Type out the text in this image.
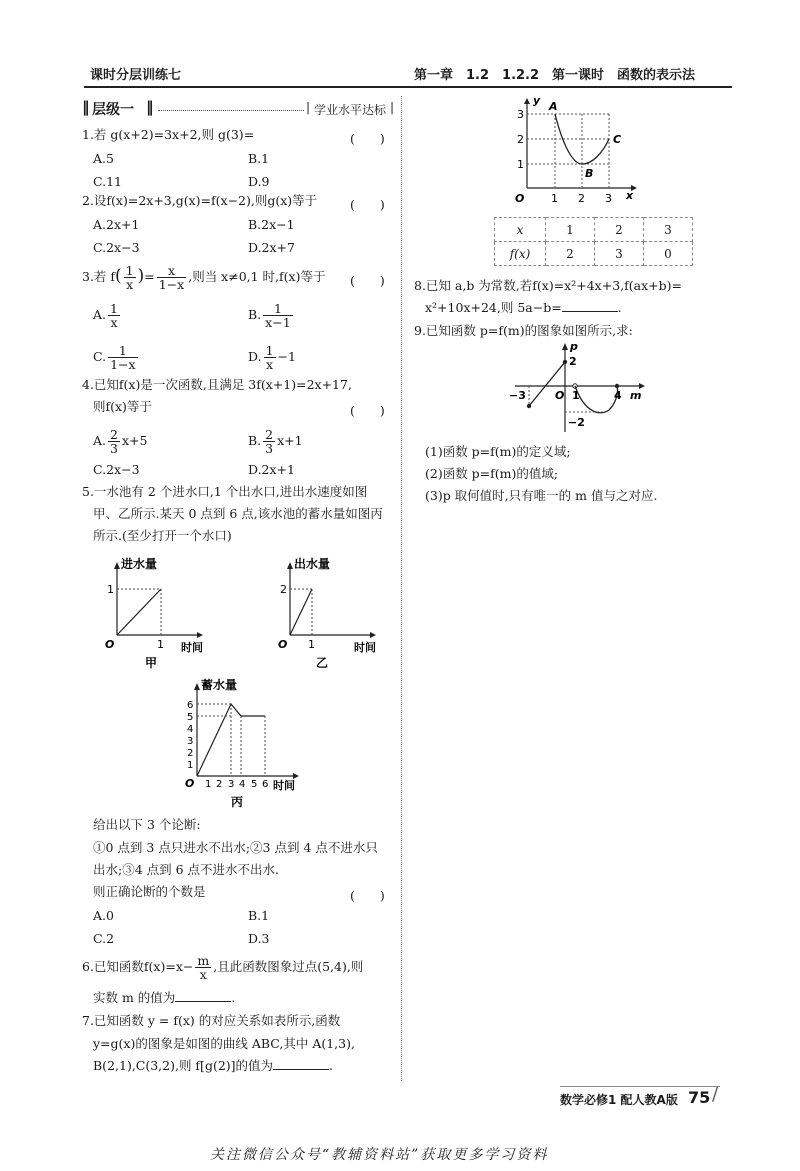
课时分层训练七	第一章　1.2　1.2.2　第一课时　函数的表示法
‖ 层级一 ‖	| 学业水平达标 |
1.若 g(x+2)=3x+2,则 g(3)=	(　　)
A.5	B.1
C.11	D.9
2.设f(x)=2x+3,g(x)=f(x−2),则g(x)等于	(　　)
A.2x+1	B.2x−1
C.2x−3	D.2x+7
3.若 $f( \frac{1}{x}$ )= $\frac{x}{1-x}$ ,则当 x≠0,1 时,f(x)等于 (　　)
A. $\frac{1}{x}$	B. $\frac{1}{x-1}$
C. $\frac{1}{1-x}$	D. $\frac{1}{x} -1$
4.已知f(x)是一次函数,且满足 3f(x+1)=2x+17,
则f(x)等于	(　　)
A. $\frac{2}{3} x+5$	B. $\frac{2}{3} x+1$
C.2x−3	D.2x+1
5.一水池有 2 个进水口,1 个出水口,进出水速度如图
甲、乙所示.某天 0 点到 6 点,该水池的蓄水量如图丙
所示.(至少打开一个水口)
进水量
1
O	1 时间
甲
出水量
2
O 1	时间
乙
蓄水量
1
2
3
4
5
6
O 1 2 3 4 5 6 时间
丙
给出以下 3 个论断:
①0 点到 3 点只进水不出水;②3 点到 4 点不进水只
出水;③4 点到 6 点不进水不出水.
则正确论断的个数是	(　　)
A.0	B.1
C.2	D.3
6.已知函数$f(x)=x- \frac{m}{x}$ ,且此函数图象过点(5,4),则
实数 m 的值为	.
7.已知函数 y = f(x) 的对应关系如表所示,函数
y=g(x)的图象是如图的曲线 ABC,其中 A(1,3),
B(2,1),C(3,2),则 f[g(2)]的值为	.
y A
B
C
3
2
1
O 1 2 3 x
x	1	2	3
f(x)	2	3	0
8.已知 a,b 为常数,若f(x)=x²+4x+3,f(ax+b)=
x²+10x+24,则 5a−b=	.
9.已知函数 p=f(m)的图象如图所示,求:
p
2
−3	O 1	4
−2
m
(1)函数 p=f(m)的定义域;
(2)函数 p=f(m)的值域;
(3)p 取何值时,只有唯一的 m 值与之对应.
数学必修1 配人教A版 75 /
关注微信公众号“教辅资料站”获取更多学习资料
